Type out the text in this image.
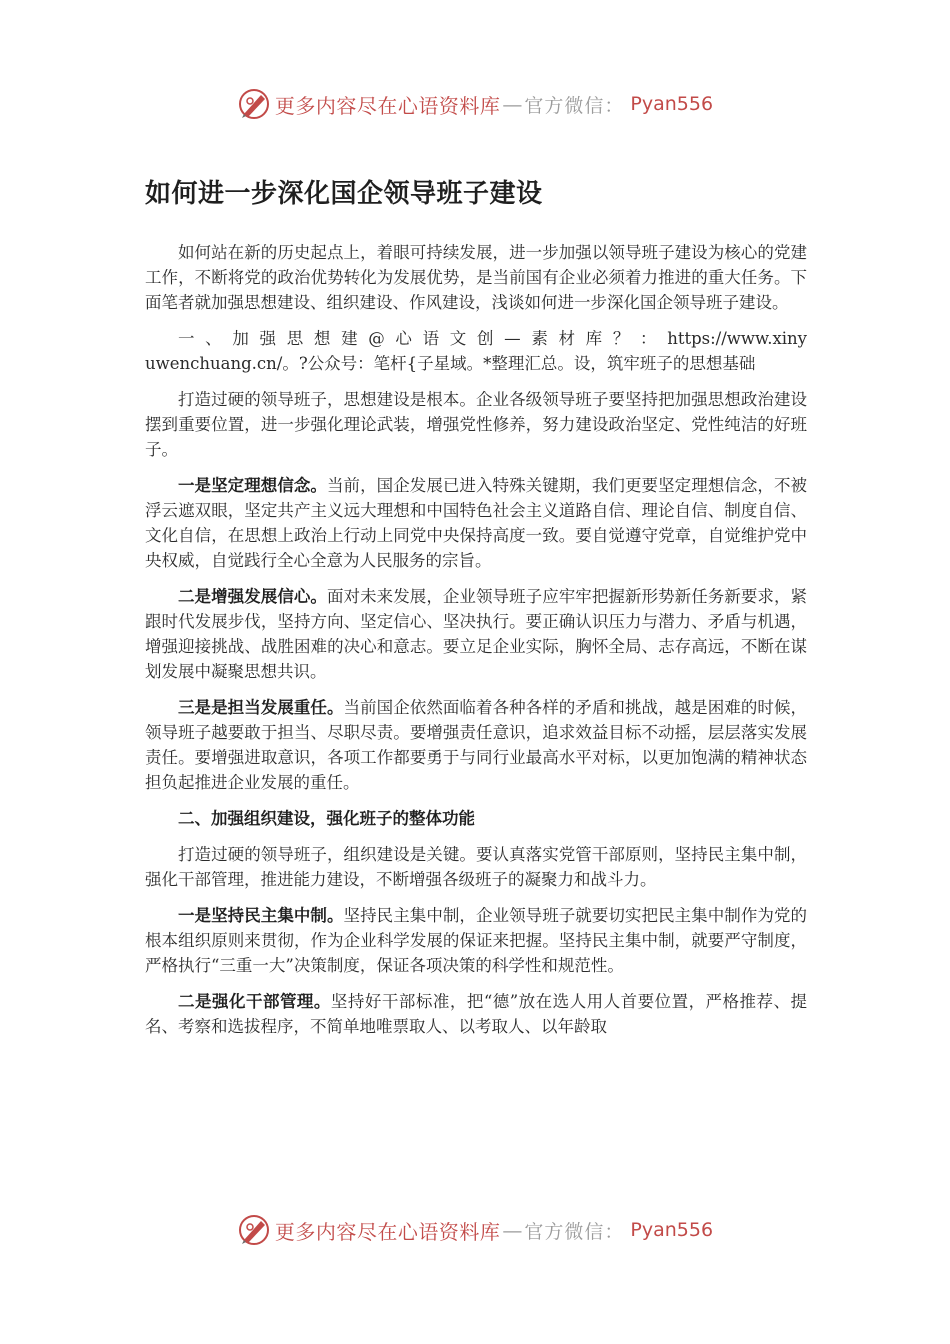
更多内容尽在心语资料库 — 官方微信： Pyan556
如何进一步深化国企领导班子建设

如何站在新的历史起点上，着眼可持续发展，进一步加强以领导班子建设为核心的党建工作，不断将党的政治优势转化为发展优势，是当前国有企业必须着力推进的重大任务。下面笔者就加强思想建设、组织建设、作风建设，浅谈如何进一步深化国企领导班子建设。

一、加强思想建@心语文创—素材库？：https://www.xinyuwenchuang.cn/。?公众号：笔杆{子星域。*整理汇总。设，筑牢班子的思想基础

打造过硬的领导班子，思想建设是根本。企业各级领导班子要坚持把加强思想政治建设摆到重要位置，进一步强化理论武装，增强党性修养，努力建设政治坚定、党性纯洁的好班子。

一是坚定理想信念。当前，国企发展已进入特殊关键期，我们更要坚定理想信念，不被浮云遮双眼，坚定共产主义远大理想和中国特色社会主义道路自信、理论自信、制度自信、文化自信，在思想上政治上行动上同党中央保持高度一致。要自觉遵守党章，自觉维护党中央权威，自觉践行全心全意为人民服务的宗旨。

二是增强发展信心。面对未来发展，企业领导班子应牢牢把握新形势新任务新要求，紧跟时代发展步伐，坚持方向、坚定信心、坚决执行。要正确认识压力与潜力、矛盾与机遇，增强迎接挑战、战胜困难的决心和意志。要立足企业实际，胸怀全局、志存高远，不断在谋划发展中凝聚思想共识。

三是是担当发展重任。当前国企依然面临着各种各样的矛盾和挑战，越是困难的时候，领导班子越要敢于担当、尽职尽责。要增强责任意识，追求效益目标不动摇，层层落实发展责任。要增强进取意识，各项工作都要勇于与同行业最高水平对标，以更加饱满的精神状态担负起推进企业发展的重任。

二、加强组织建设，强化班子的整体功能

打造过硬的领导班子，组织建设是关键。要认真落实党管干部原则，坚持民主集中制，强化干部管理，推进能力建设，不断增强各级班子的凝聚力和战斗力。

一是坚持民主集中制。坚持民主集中制，企业领导班子就要切实把民主集中制作为党的根本组织原则来贯彻，作为企业科学发展的保证来把握。坚持民主集中制，就要严守制度，严格执行“三重一大”决策制度，保证各项决策的科学性和规范性。

二是强化干部管理。坚持好干部标准，把“德”放在选人用人首要位置，严格推荐、提名、考察和选拔程序，不简单地唯票取人、以考取人、以年龄取

更多内容尽在心语资料库 — 官方微信： Pyan556
